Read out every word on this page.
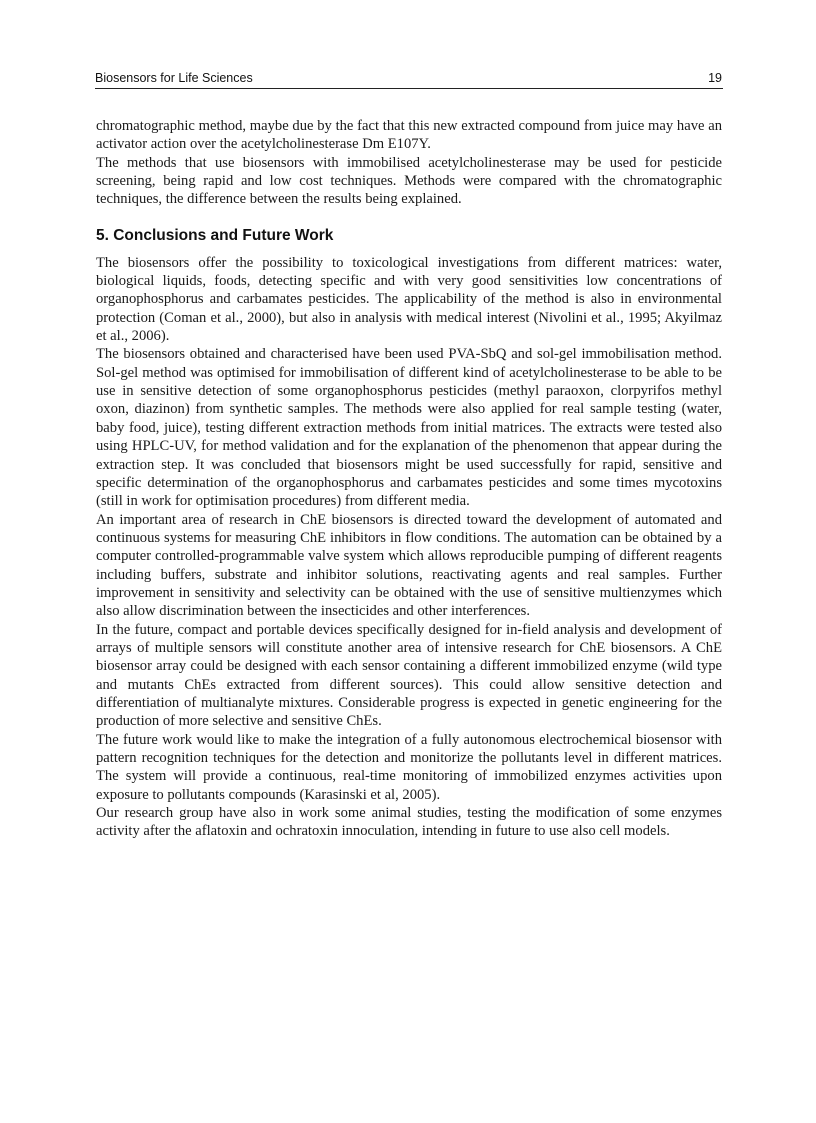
Biosensors for Life Sciences	19

chromatographic method, maybe due by the fact that this new extracted compound from juice may have an activator action over the acetylcholinesterase Dm E107Y.

The methods that use biosensors with immobilised acetylcholinesterase may be used for pesticide screening, being rapid and low cost techniques. Methods were compared with the chromatographic techniques, the difference between the results being explained.

5. Conclusions and Future Work

The biosensors offer the possibility to toxicological investigations from different matrices: water, biological liquids, foods, detecting specific and with very good sensitivities low concentrations of organophosphorus and carbamates pesticides. The applicability of the method is also in environmental protection (Coman et al., 2000), but also in analysis with medical interest (Nivolini et al., 1995; Akyilmaz et al., 2006).

The biosensors obtained and characterised have been used PVA-SbQ and sol-gel immobilisation method. Sol-gel method was optimised for immobilisation of different kind of acetylcholinesterase to be able to be use in sensitive detection of some organophosphorus pesticides (methyl paraoxon, clorpyrifos methyl oxon, diazinon) from synthetic samples. The methods were also applied for real sample testing (water, baby food, juice), testing different extraction methods from initial matrices. The extracts were tested also using HPLC-UV, for method validation and for the explanation of the phenomenon that appear during the extraction step. It was concluded that biosensors might be used successfully for rapid, sensitive and specific determination of the organophosphorus and carbamates pesticides and some times mycotoxins (still in work for optimisation procedures) from different media.

An important area of research in ChE biosensors is directed toward the development of automated and continuous systems for measuring ChE inhibitors in flow conditions. The automation can be obtained by a computer controlled-programmable valve system which allows reproducible pumping of different reagents including buffers, substrate and inhibitor solutions, reactivating agents and real samples. Further improvement in sensitivity and selectivity can be obtained with the use of sensitive multienzymes which also allow discrimination between the insecticides and other interferences.

In the future, compact and portable devices specifically designed for in-field analysis and development of arrays of multiple sensors will constitute another area of intensive research for ChE biosensors. A ChE biosensor array could be designed with each sensor containing a different immobilized enzyme (wild type and mutants ChEs extracted from different sources). This could allow sensitive detection and differentiation of multianalyte mixtures. Considerable progress is expected in genetic engineering for the production of more selective and sensitive ChEs.

The future work would like to make the integration of a fully autonomous electrochemical biosensor with pattern recognition techniques for the detection and monitorize the pollutants level in different matrices. The system will provide a continuous, real-time monitoring of immobilized enzymes activities upon exposure to pollutants compounds (Karasinski et al, 2005).

Our research group have also in work some animal studies, testing the modification of some enzymes activity after the aflatoxin and ochratoxin innoculation, intending in future to use also cell models.
